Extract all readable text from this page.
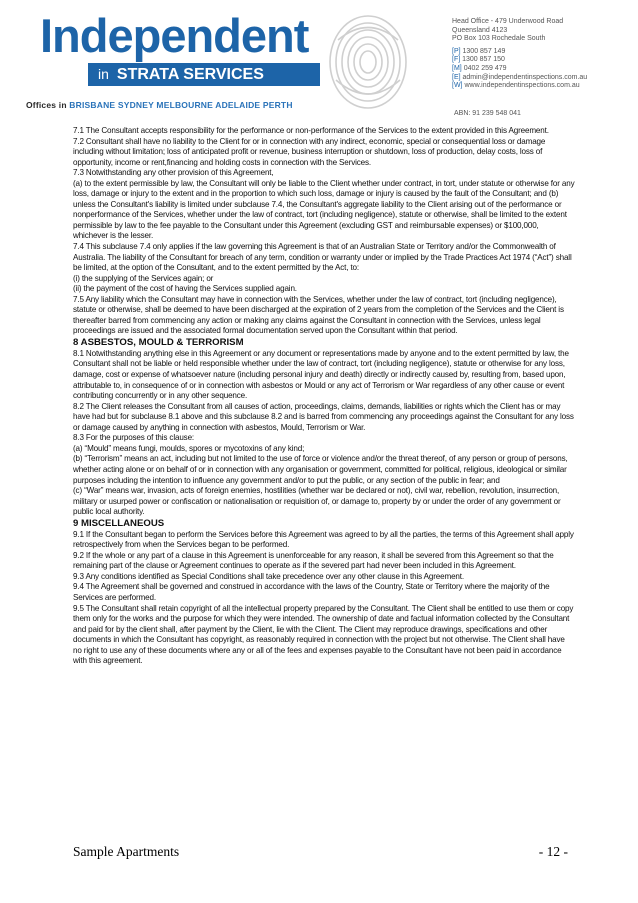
Independent
in STRATA SERVICES
Offices in BRISBANE SYDNEY MELBOURNE ADELAIDE PERTH
Head Office - 479 Underwood Road
Queensland 4123
PO Box 103 Rochedale South
[P] 1300 857 149
[F] 1300 857 150
[M] 0402 259 479
[E] admin@independentinspections.com.au
[W] www.independentinspections.com.au
ABN: 91 239 548 041

7.1 The Consultant accepts responsibility for the performance or non-performance of the Services to the extent provided in this Agreement.

7.2 Consultant shall have no liability to the Client for or in connection with any indirect, economic, special or consequential loss or damage including without limitation; loss of anticipated profit or revenue, business interruption or shutdown, loss of production, delay costs, loss of opportunity, income or rent,financing and holding costs in connection with the Services.

7.3 Notwithstanding any other provision of this Agreement,

(a) to the extent permissible by law, the Consultant will only be liable to the Client whether under contract, in tort, under statute or otherwise for any loss, damage or injury to the extent and in the proportion to which such loss, damage or injury is caused by the fault of the Consultant; and (b) unless the Consultant's liability is limited under subclause 7.4, the Consultant's aggregate liability to the Client arising out of the performance or nonperformance of the Services, whether under the law of contract, tort (including negligence), statute or otherwise, shall be limited to the extent permissible by law to the fee payable to the Consultant under this Agreement (excluding GST and reimbursable expenses) or $100,000, whichever is the lesser.

7.4 This subclause 7.4 only applies if the law governing this Agreement is that of an Australian State or Territory and/or the Commonwealth of Australia. The liability of the Consultant for breach of any term, condition or warranty under or implied by the Trade Practices Act 1974 (“Act”) shall be limited, at the option of the Consultant, and to the extent permitted by the Act, to:

(i) the supplying of the Services again; or

(ii) the payment of the cost of having the Services supplied again.

7.5 Any liability which the Consultant may have in connection with the Services, whether under the law of contract, tort (including negligence), statute or otherwise, shall be deemed to have been discharged at the expiration of 2 years from the completion of the Services and the Client is thereafter barred from commencing any action or making any claims against the Consultant in connection with the Services, unless legal proceedings are issued and the associated formal documentation served upon the Consultant within that period.

8 ASBESTOS, MOULD & TERRORISM

8.1 Notwithstanding anything else in this Agreement or any document or representations made by anyone and to the extent permitted by law, the Consultant shall not be liable or held responsible whether under the law of contract, tort (including negligence), statute or otherwise for any loss, damage, cost or expense of whatsoever nature (including personal injury and death) directly or indirectly caused by, resulting from, based upon, attributable to, in consequence of or in connection with asbestos or Mould or any act of Terrorism or War regardless of any other cause or event contributing concurrently or in any other sequence.

8.2 The Client releases the Consultant from all causes of action, proceedings, claims, demands, liabilities or rights which the Client has or may have had but for subclause 8.1 above and this subclause 8.2 and is barred from commencing any proceedings against the Consultant for any loss or damage caused by anything in connection with asbestos, Mould, Terrorism or War.

8.3 For the purposes of this clause:

(a) “Mould” means fungi, moulds, spores or mycotoxins of any kind;

(b) “Terrorism” means an act, including but not limited to the use of force or violence and/or the threat thereof, of any person or group of persons, whether acting alone or on behalf of or in connection with any organisation or government, committed for political, religious, ideological or similar purposes including the intention to influence any government and/or to put the public, or any section of the public in fear; and

(c) “War” means war, invasion, acts of foreign enemies, hostilities (whether war be declared or not), civil war, rebellion, revolution, insurrection, military or usurped power or confiscation or nationalisation or requisition of, or damage to, property by or under the order of any government or public local authority.

9 MISCELLANEOUS

9.1 If the Consultant began to perform the Services before this Agreement was agreed to by all the parties, the terms of this Agreement shall apply retrospectively from when the Services began to be performed.

9.2 If the whole or any part of a clause in this Agreement is unenforceable for any reason, it shall be severed from this Agreement so that the remaining part of the clause or Agreement continues to operate as if the severed part had never been included in this Agreement.

9.3 Any conditions identified as Special Conditions shall take precedence over any other clause in this Agreement.

9.4 The Agreement shall be governed and construed in accordance with the laws of the Country, State or Territory where the majority of the Services are performed.

9.5 The Consultant shall retain copyright of all the intellectual property prepared by the Consultant. The Client shall be entitled to use them or copy them only for the works and the purpose for which they were intended. The ownership of date and factual information collected by the Consultant and paid for by the client shall, after payment by the Client, lie with the Client. The Client may reproduce drawings, specifications and other documents in which the Consultant has copyright, as reasonably required in connection with the project but not otherwise. The Client shall have no right to use any of these documents where any or all of the fees and expenses payable to the Consultant have not been paid in accordance with this agreement.

Sample Apartments	- 12 -
